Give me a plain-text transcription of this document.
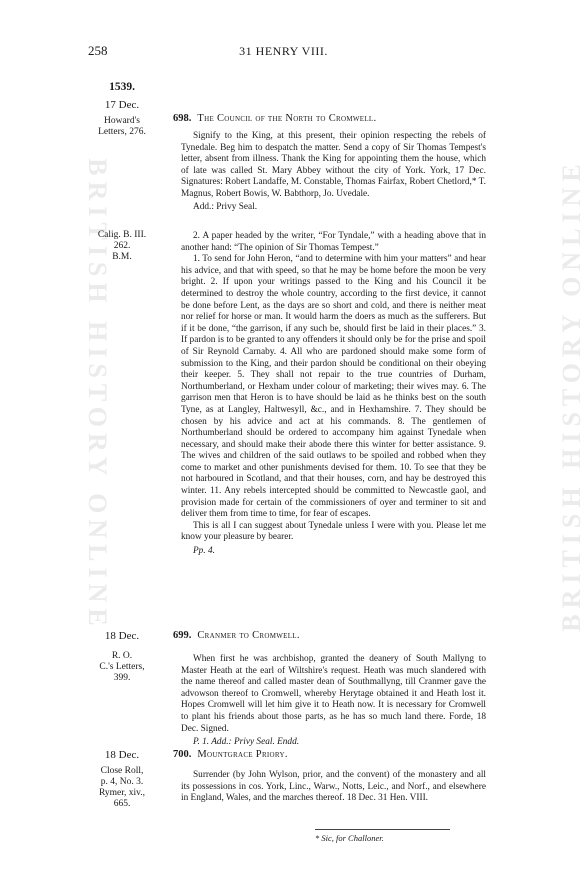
BRITISH HISTORY ONLINE	BRITISH HISTORY ONLINE
258	31 HENRY VIII.
1539.
17 Dec.
Howard's
Letters, 276.
698. The Council of the North to Cromwell.

Signify to the King, at this present, their opinion respecting the rebels of Tynedale. Beg him to despatch the matter. Send a copy of Sir Thomas Tempest's letter, absent from illness. Thank the King for appointing them the house, which of late was called St. Mary Abbey without the city of York. York, 17 Dec. Signatures: Robert Landaffe, M. Constable, Thomas Fairfax, Robert Chetlord,* T. Magnus, Robert Bowis, W. Babthorp, Jo. Uvedale.

Add.: Privy Seal.
Calig. B. III.
262.
B.M.

2. A paper headed by the writer, “For Tyndale,” with a heading above that in another hand: “The opinion of Sir Thomas Tempest.”

1. To send for John Heron, “and to determine with him your matters” and hear his advice, and that with speed, so that he may be home before the moon be very bright. 2. If upon your writings passed to the King and his Council it be determined to destroy the whole country, according to the first device, it cannot be done before Lent, as the days are so short and cold, and there is neither meat nor relief for horse or man. It would harm the doers as much as the sufferers. But if it be done, “the garrison, if any such be, should first be laid in their places.” 3. If pardon is to be granted to any offenders it should only be for the prise and spoil of Sir Reynold Carnaby. 4. All who are pardoned should make some form of submission to the King, and their pardon should be conditional on their obeying their keeper. 5. They shall not repair to the true countries of Durham, Northumberland, or Hexham under colour of marketing; their wives may. 6. The garrison men that Heron is to have should be laid as he thinks best on the south Tyne, as at Langley, Haltwesyll, &c., and in Hexhamshire. 7. They should be chosen by his advice and act at his commands. 8. The gentlemen of Northumberland should be ordered to accompany him against Tynedale when necessary, and should make their abode there this winter for better assistance. 9. The wives and children of the said outlaws to be spoiled and robbed when they come to market and other punishments devised for them. 10. To see that they be not harboured in Scotland, and that their houses, corn, and hay be destroyed this winter. 11. Any rebels intercepted should be committed to Newcastle gaol, and provision made for certain of the commissioners of oyer and terminer to sit and deliver them from time to time, for fear of escapes.

This is all I can suggest about Tynedale unless I were with you. Please let me know your pleasure by bearer.

Pp. 4.
18 Dec.
R. O.
C.'s Letters,
399.
699. Cranmer to Cromwell.

When first he was archbishop, granted the deanery of South Mallyng to Master Heath at the earl of Wiltshire's request. Heath was much slandered with the name thereof and called master dean of Southmallyng, till Cranmer gave the advowson thereof to Cromwell, whereby Herytage obtained it and Heath lost it. Hopes Cromwell will let him give it to Heath now. It is necessary for Cromwell to plant his friends about those parts, as he has so much land there. Forde, 18 Dec. Signed.

P. 1. Add.: Privy Seal. Endd.
18 Dec.
Close Roll,
p. 4, No. 3.
Rymer, xiv.,
665.
700. Mountgrace Priory.

Surrender (by John Wylson, prior, and the convent) of the monastery and all its possessions in cos. York, Linc., Warw., Notts, Leic., and Norf., and elsewhere in England, Wales, and the marches thereof. 18 Dec. 31 Hen. VIII.

* Sic, for Challoner.
